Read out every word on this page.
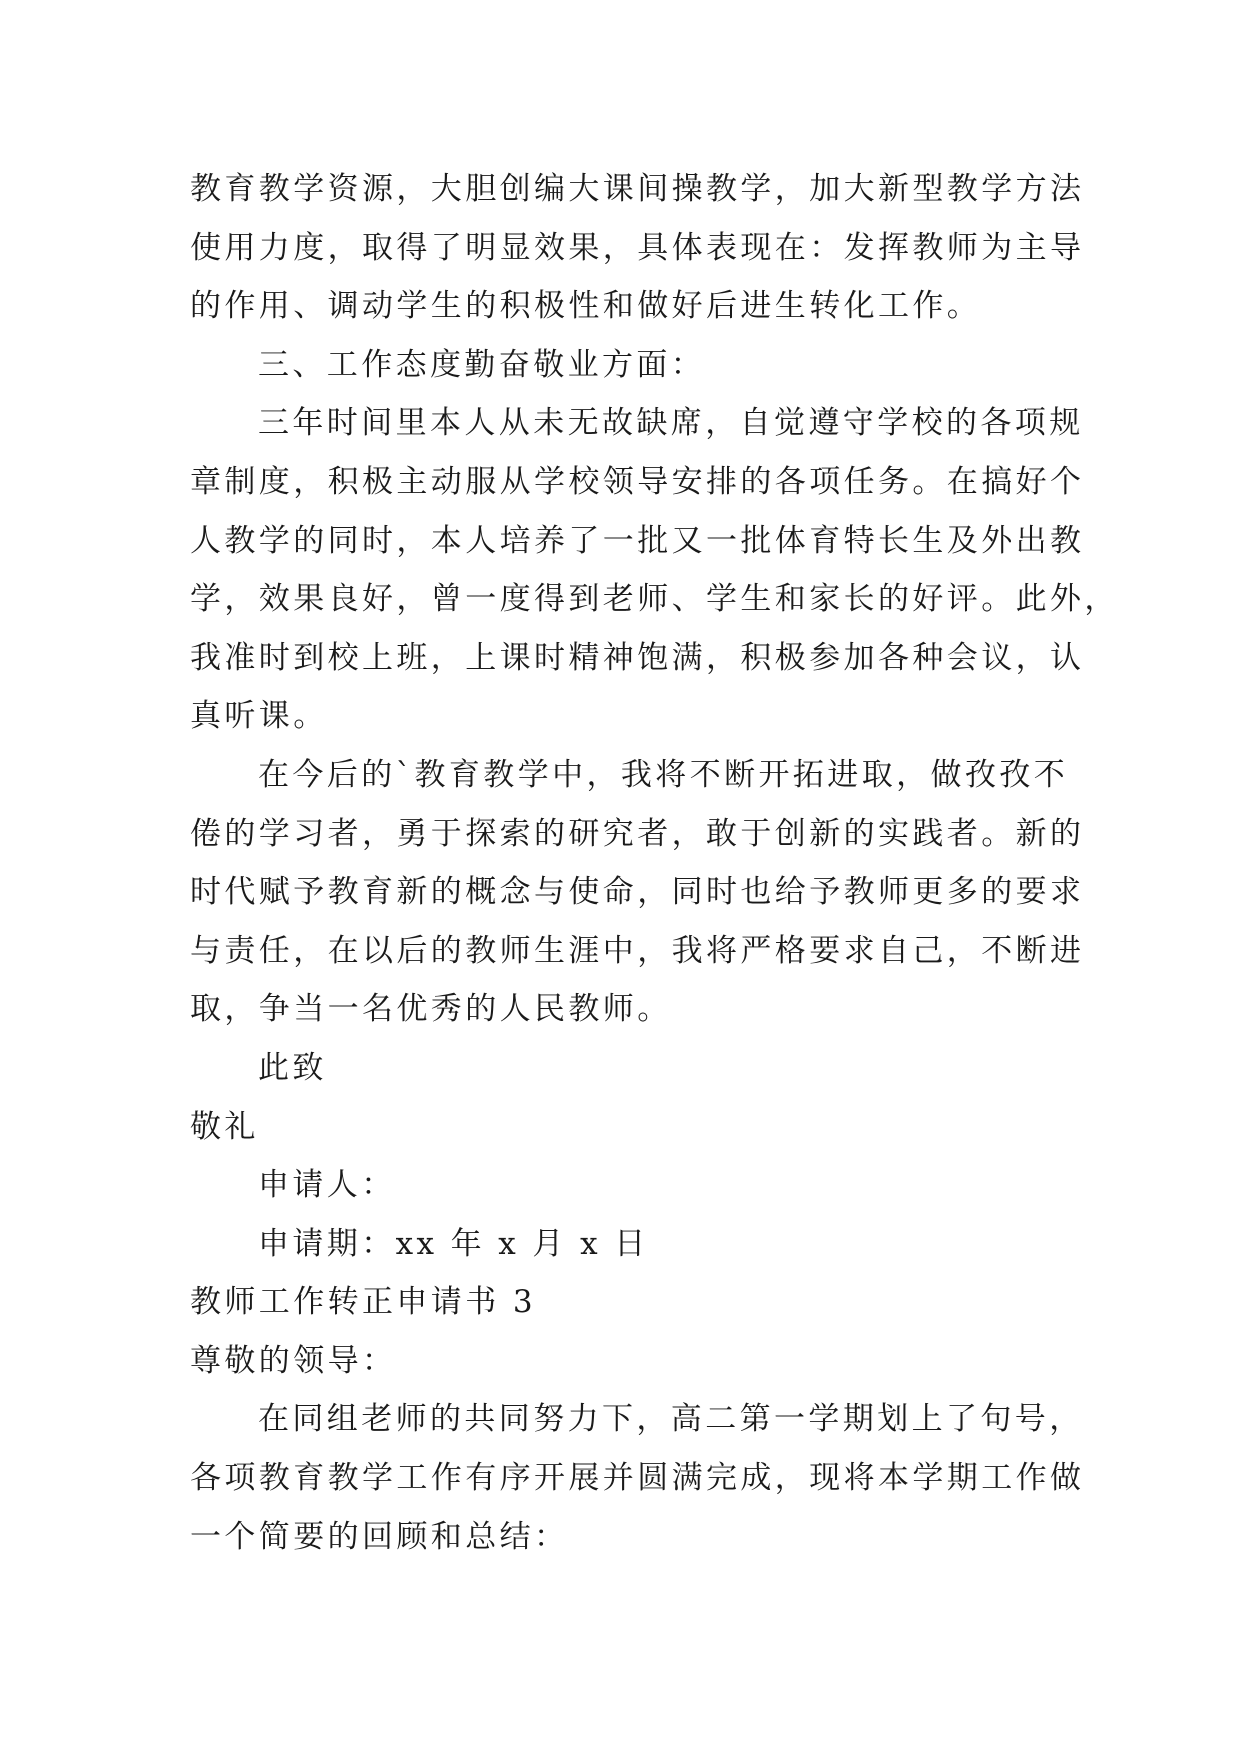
教育教学资源，大胆创编大课间操教学，加大新型教学方法
使用力度，取得了明显效果，具体表现在：发挥教师为主导
的作用、调动学生的积极性和做好后进生转化工作。
三、工作态度勤奋敬业方面：
三年时间里本人从未无故缺席，自觉遵守学校的各项规
章制度，积极主动服从学校领导安排的各项任务。在搞好个
人教学的同时，本人培养了一批又一批体育特长生及外出教
学，效果良好，曾一度得到老师、学生和家长的好评。此外，
我准时到校上班，上课时精神饱满，积极参加各种会议，认
真听课。
在今后的`教育教学中，我将不断开拓进取，做孜孜不
倦的学习者，勇于探索的研究者，敢于创新的实践者。新的
时代赋予教育新的概念与使命，同时也给予教师更多的要求
与责任，在以后的教师生涯中，我将严格要求自己，不断进
取，争当一名优秀的人民教师。
此致
敬礼
申请人：
申请期：xx 年 x 月 x 日
教师工作转正申请书 3
尊敬的领导：
在同组老师的共同努力下，高二第一学期划上了句号，
各项教育教学工作有序开展并圆满完成，现将本学期工作做
一个简要的回顾和总结：
